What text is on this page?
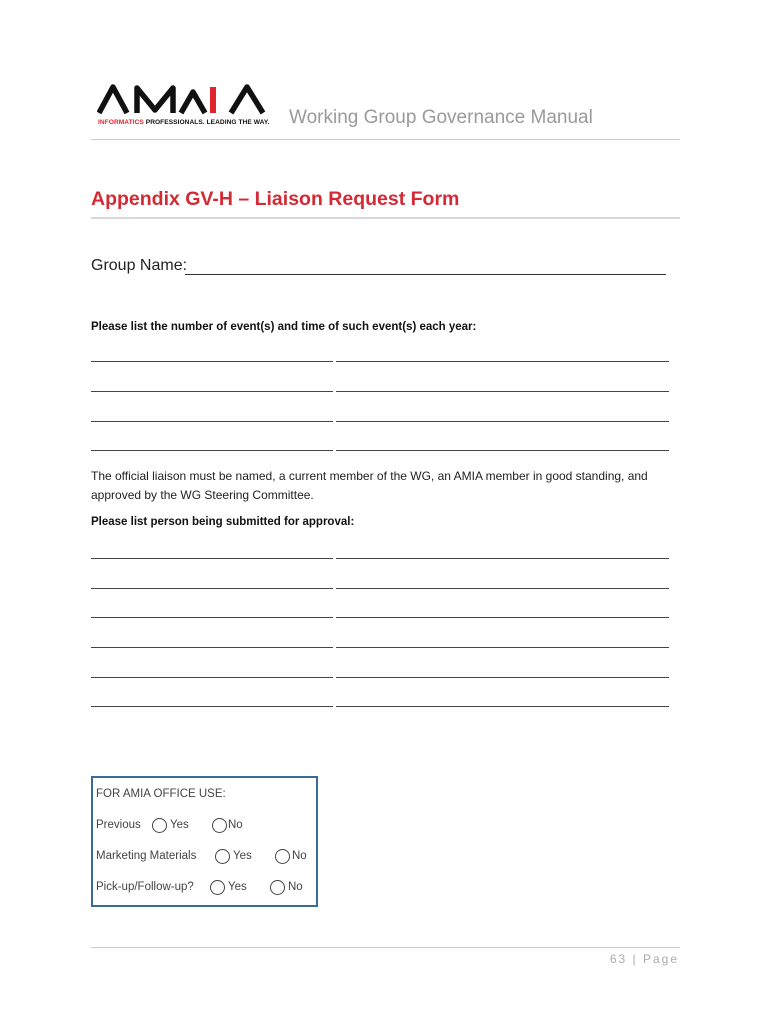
INFORMATICS PROFESSIONALS. LEADING THE WAY. Working Group Governance Manual
Appendix GV-H – Liaison Request Form
Group Name:
Please list the number of event(s) and time of such event(s) each year:
The official liaison must be named, a current member of the WG, an AMIA member in good standing, and approved by the WG Steering Committee.
Please list person being submitted for approval:
FOR AMIA OFFICE USE:
Previous	Yes	No
Marketing Materials	Yes	No
Pick-up/Follow-up?	Yes	No
63 | Page
